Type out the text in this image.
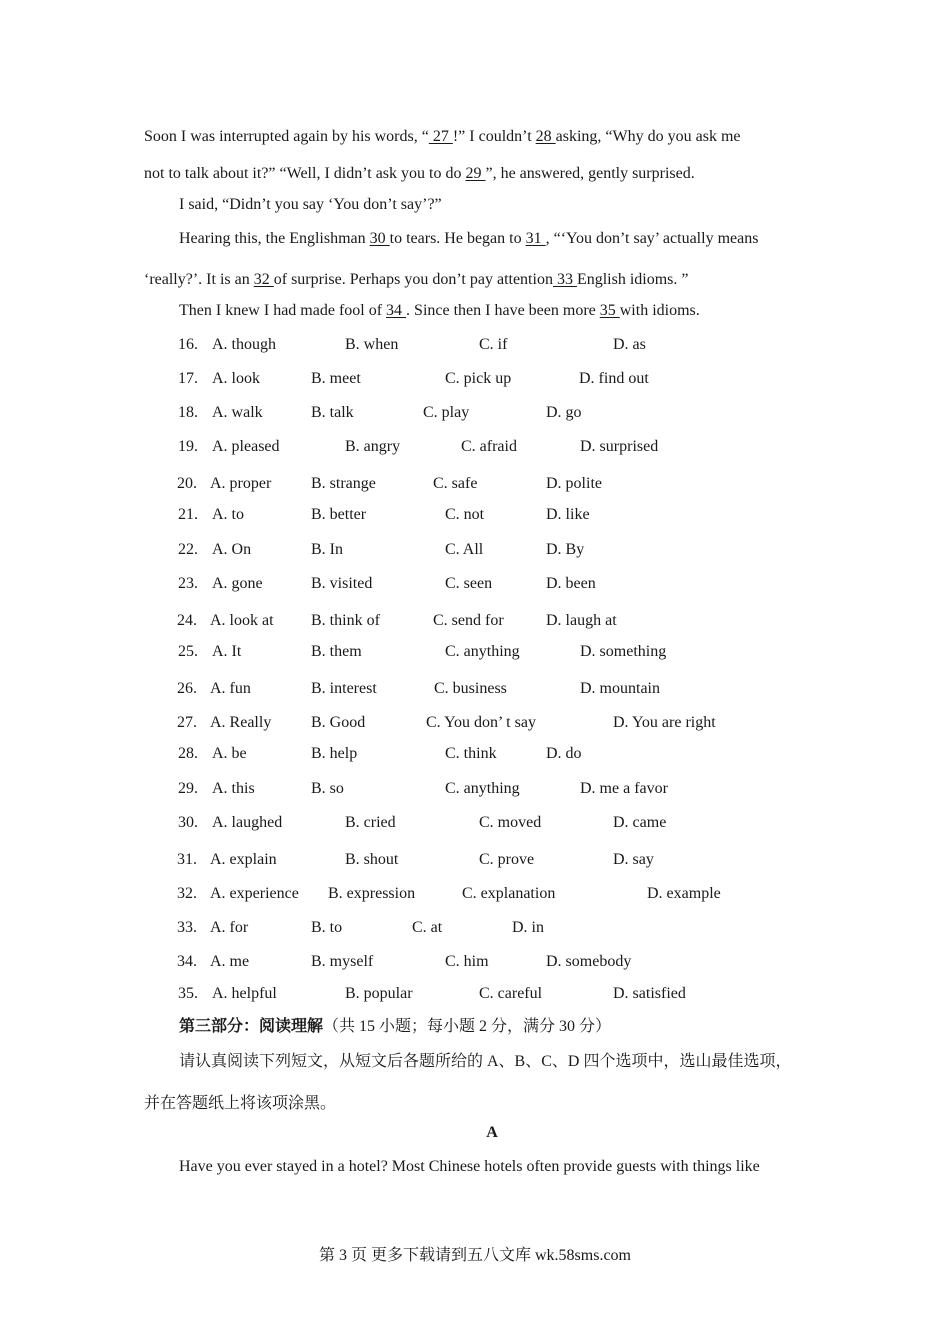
Soon I was interrupted again by his words, “ 27 !” I couldn’t 28 asking, “Why do you ask me
not to talk about it?” “Well, I didn’t ask you to do 29 ”, he answered, gently surprised.
I said, “Didn’t you say ‘You don’t say’?”
Hearing this, the Englishman 30 to tears. He began to 31 , “‘You don’t say’ actually means
‘really?’. It is an 32 of surprise. Perhaps you don’t pay attention 33 English idioms. ”
Then I knew I had made fool of 34 . Since then I have been more 35 with idioms.
16. A. though	B. when	C. if	D. as
17. A. look	B. meet	C. pick up	D. find out
18. A. walk	B. talk	C. play	D. go
19. A. pleased	B. angry	C. afraid	D. surprised
20. A. proper B. strange	C. safe	D. polite
21. A. to	B. better	C. not	D. like
22. A. On	B. In	C. All	D. By
23. A. gone	B. visited	C. seen	D. been
24. A. look at B. think of	C. send for	D. laugh at
25. A. It	B. them	C. anything	D. something
26. A. fun	B. interest	C. business	D. mountain
27. A. Really B. Good	C. You don’ t say	D. You are right
28. A. be	B. help	C. think	D. do
29. A. this	B. so	C. anything	D. me a favor
30. A. laughed	B. cried	C. moved	D. came
31. A. explain	B. shout	C. prove	D. say
32. A. experience B. expression	C. explanation	D. example
33. A. for	B. to	C. at	D. in
34. A. me	B. myself	C. him	D. somebody
35. A. helpful	B. popular	C. careful	D. satisfied
第三部分：阅读理解（共 15 小题；每小题 2 分，满分 30 分）
请认真阅读下列短文，从短文后各题所给的 A、B、C、D 四个选项中，选山最佳选项，
并在答题纸上将该项涂黑。
A
Have you ever stayed in a hotel? Most Chinese hotels often provide guests with things like
第 3 页 更多下载请到五八文库 wk.58sms.com
